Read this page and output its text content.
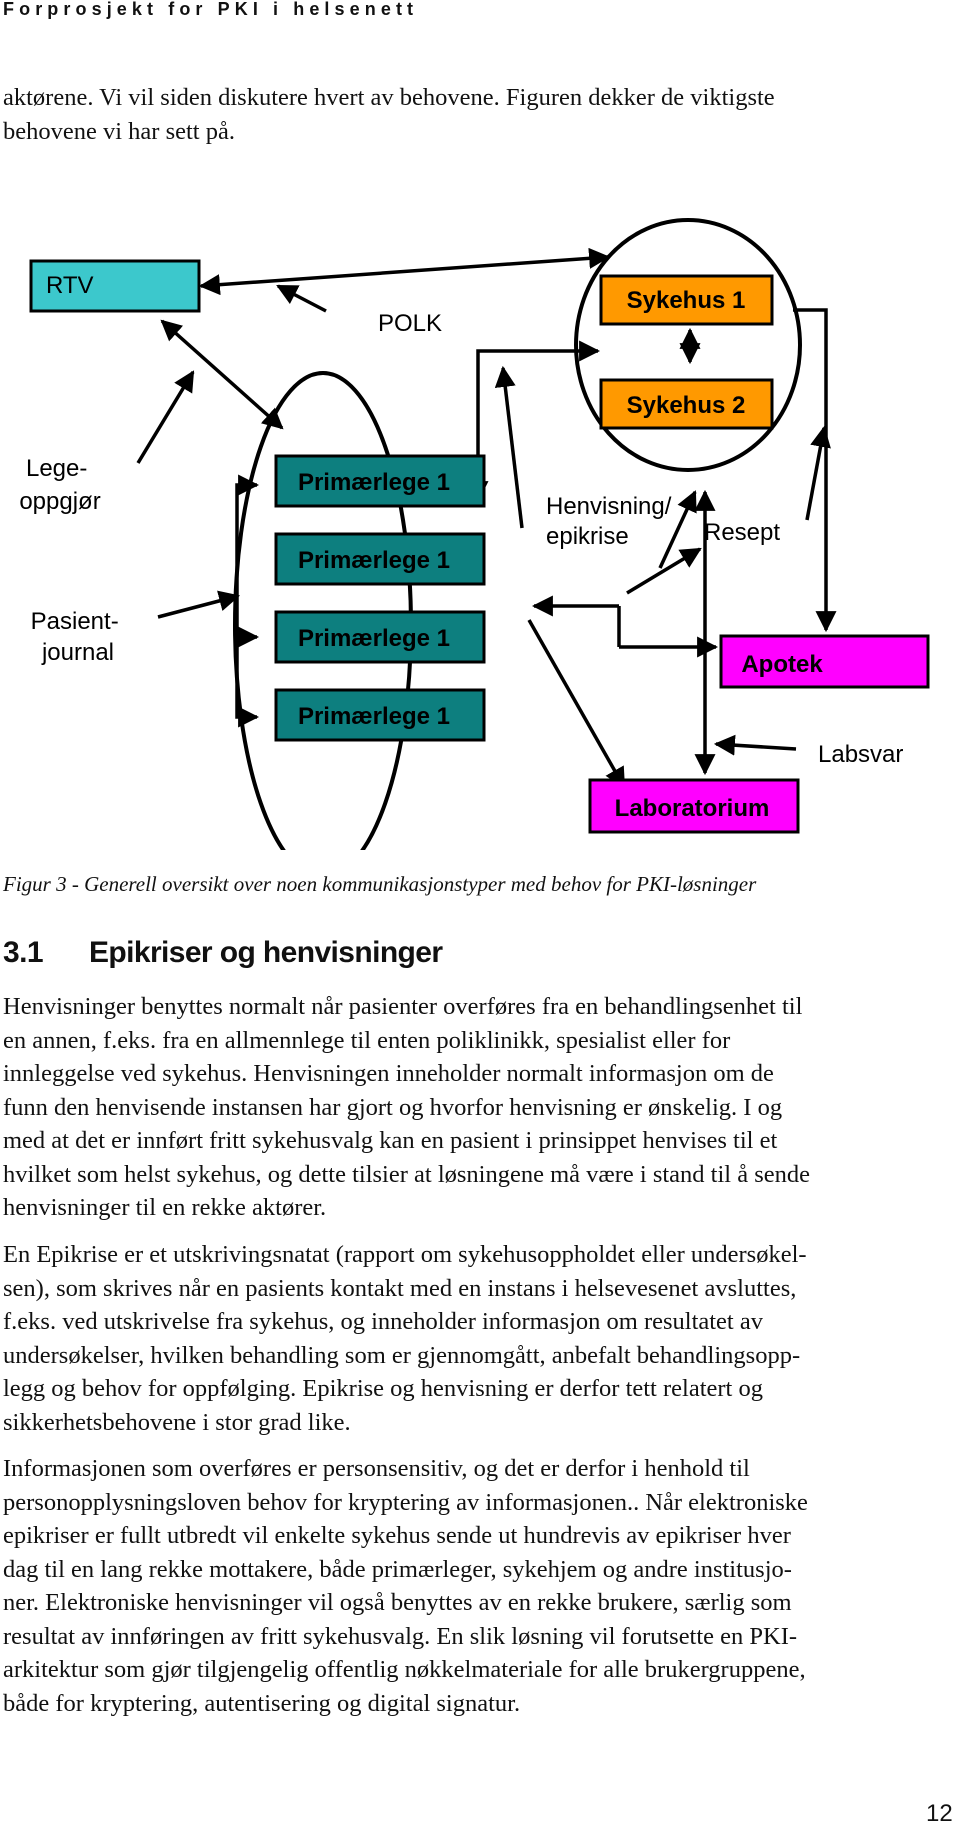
Forprosjekt for PKI i helsenett

aktørene. Vi vil siden diskutere hvert av behovene. Figuren dekker de viktigste

behovene vi har sett på.

RTV
POLK
Sykehus 1
Sykehus 2
Lege- oppgjør
Pasient- journal
Primærlege 1
Primærlege 1
Primærlege 1
Primærlege 1
Henvisning/ epikrise	Resept
Apotek
Labsvar
Laboratorium
Figur 3 - Generell oversikt over noen kommunikasjonstyper med behov for PKI-løsninger
3.1 Epikriser og henvisninger

Henvisninger benyttes normalt når pasienter overføres fra en behandlingsenhet til

en annen, f.eks. fra en allmennlege til enten poliklinikk, spesialist eller for

innleggelse ved sykehus. Henvisningen inneholder normalt informasjon om de

funn den henvisende instansen har gjort og hvorfor henvisning er ønskelig. I og

med at det er innført fritt sykehusvalg kan en pasient i prinsippet henvises til et

hvilket som helst sykehus, og dette tilsier at løsningene må være i stand til å sende

henvisninger til en rekke aktører.

En Epikrise er et utskrivingsnatat (rapport om sykehusoppholdet eller undersøkel-

sen), som skrives når en pasients kontakt med en instans i helsevesenet avsluttes,

f.eks. ved utskrivelse fra sykehus, og inneholder informasjon om resultatet av

undersøkelser, hvilken behandling som er gjennomgått, anbefalt behandlingsopp-

legg og behov for oppfølging. Epikrise og henvisning er derfor tett relatert og

sikkerhetsbehovene i stor grad like.

Informasjonen som overføres er personsensitiv, og det er derfor i henhold til

personopplysningsloven behov for kryptering av informasjonen.. Når elektroniske

epikriser er fullt utbredt vil enkelte sykehus sende ut hundrevis av epikriser hver

dag til en lang rekke mottakere, både primærleger, sykehjem og andre institusjo-

ner. Elektroniske henvisninger vil også benyttes av en rekke brukere, særlig som

resultat av innføringen av fritt sykehusvalg. En slik løsning vil forutsette en PKI-

arkitektur som gjør tilgjengelig offentlig nøkkelmateriale for alle brukergruppene,

både for kryptering, autentisering og digital signatur.

12
